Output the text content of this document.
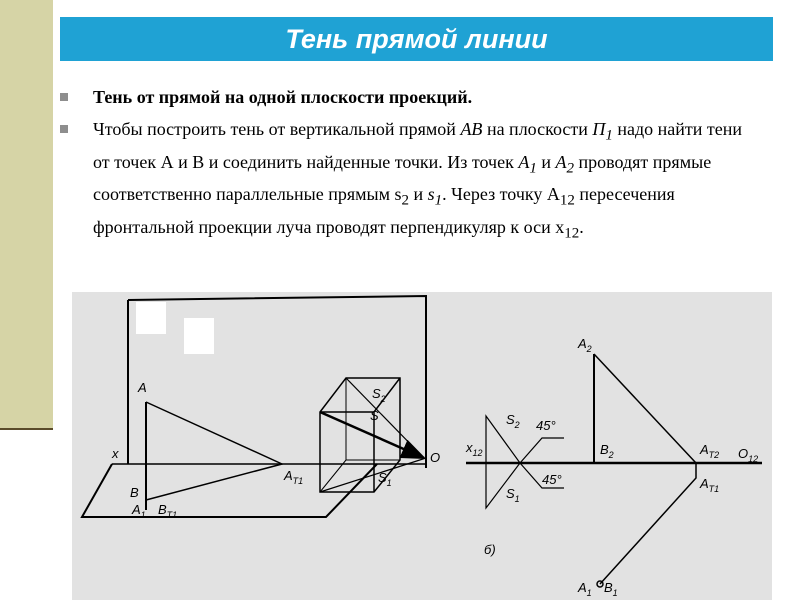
Тень прямой линии
Тень от прямой на одной плоскости проекций.
Чтобы построить тень от вертикальной прямой AB на плоскости $П_1$ надо найти тени от точек А и В и соединить найденные точки. Из точек $A_1$ и $A_2$ проводят прямые соответственно параллельные прямым $s_2$ и $s_1$. Через точку $А_{12}$ пересечения фронтальной проекции луча проводят перпендикуляр к оси $х_{12}$.
A
B
x
$A_1$ $B_{T1}$
$A_{T1}$
$S_2$
S
$S_1$
O
$A_2$
$B_2$	$A_{T2}$ $O_{12}$
$A_{T1}$
$x_{12}$
$S_2$
$S_1$
45°
45°
$A_1$ $B_1$
б)
